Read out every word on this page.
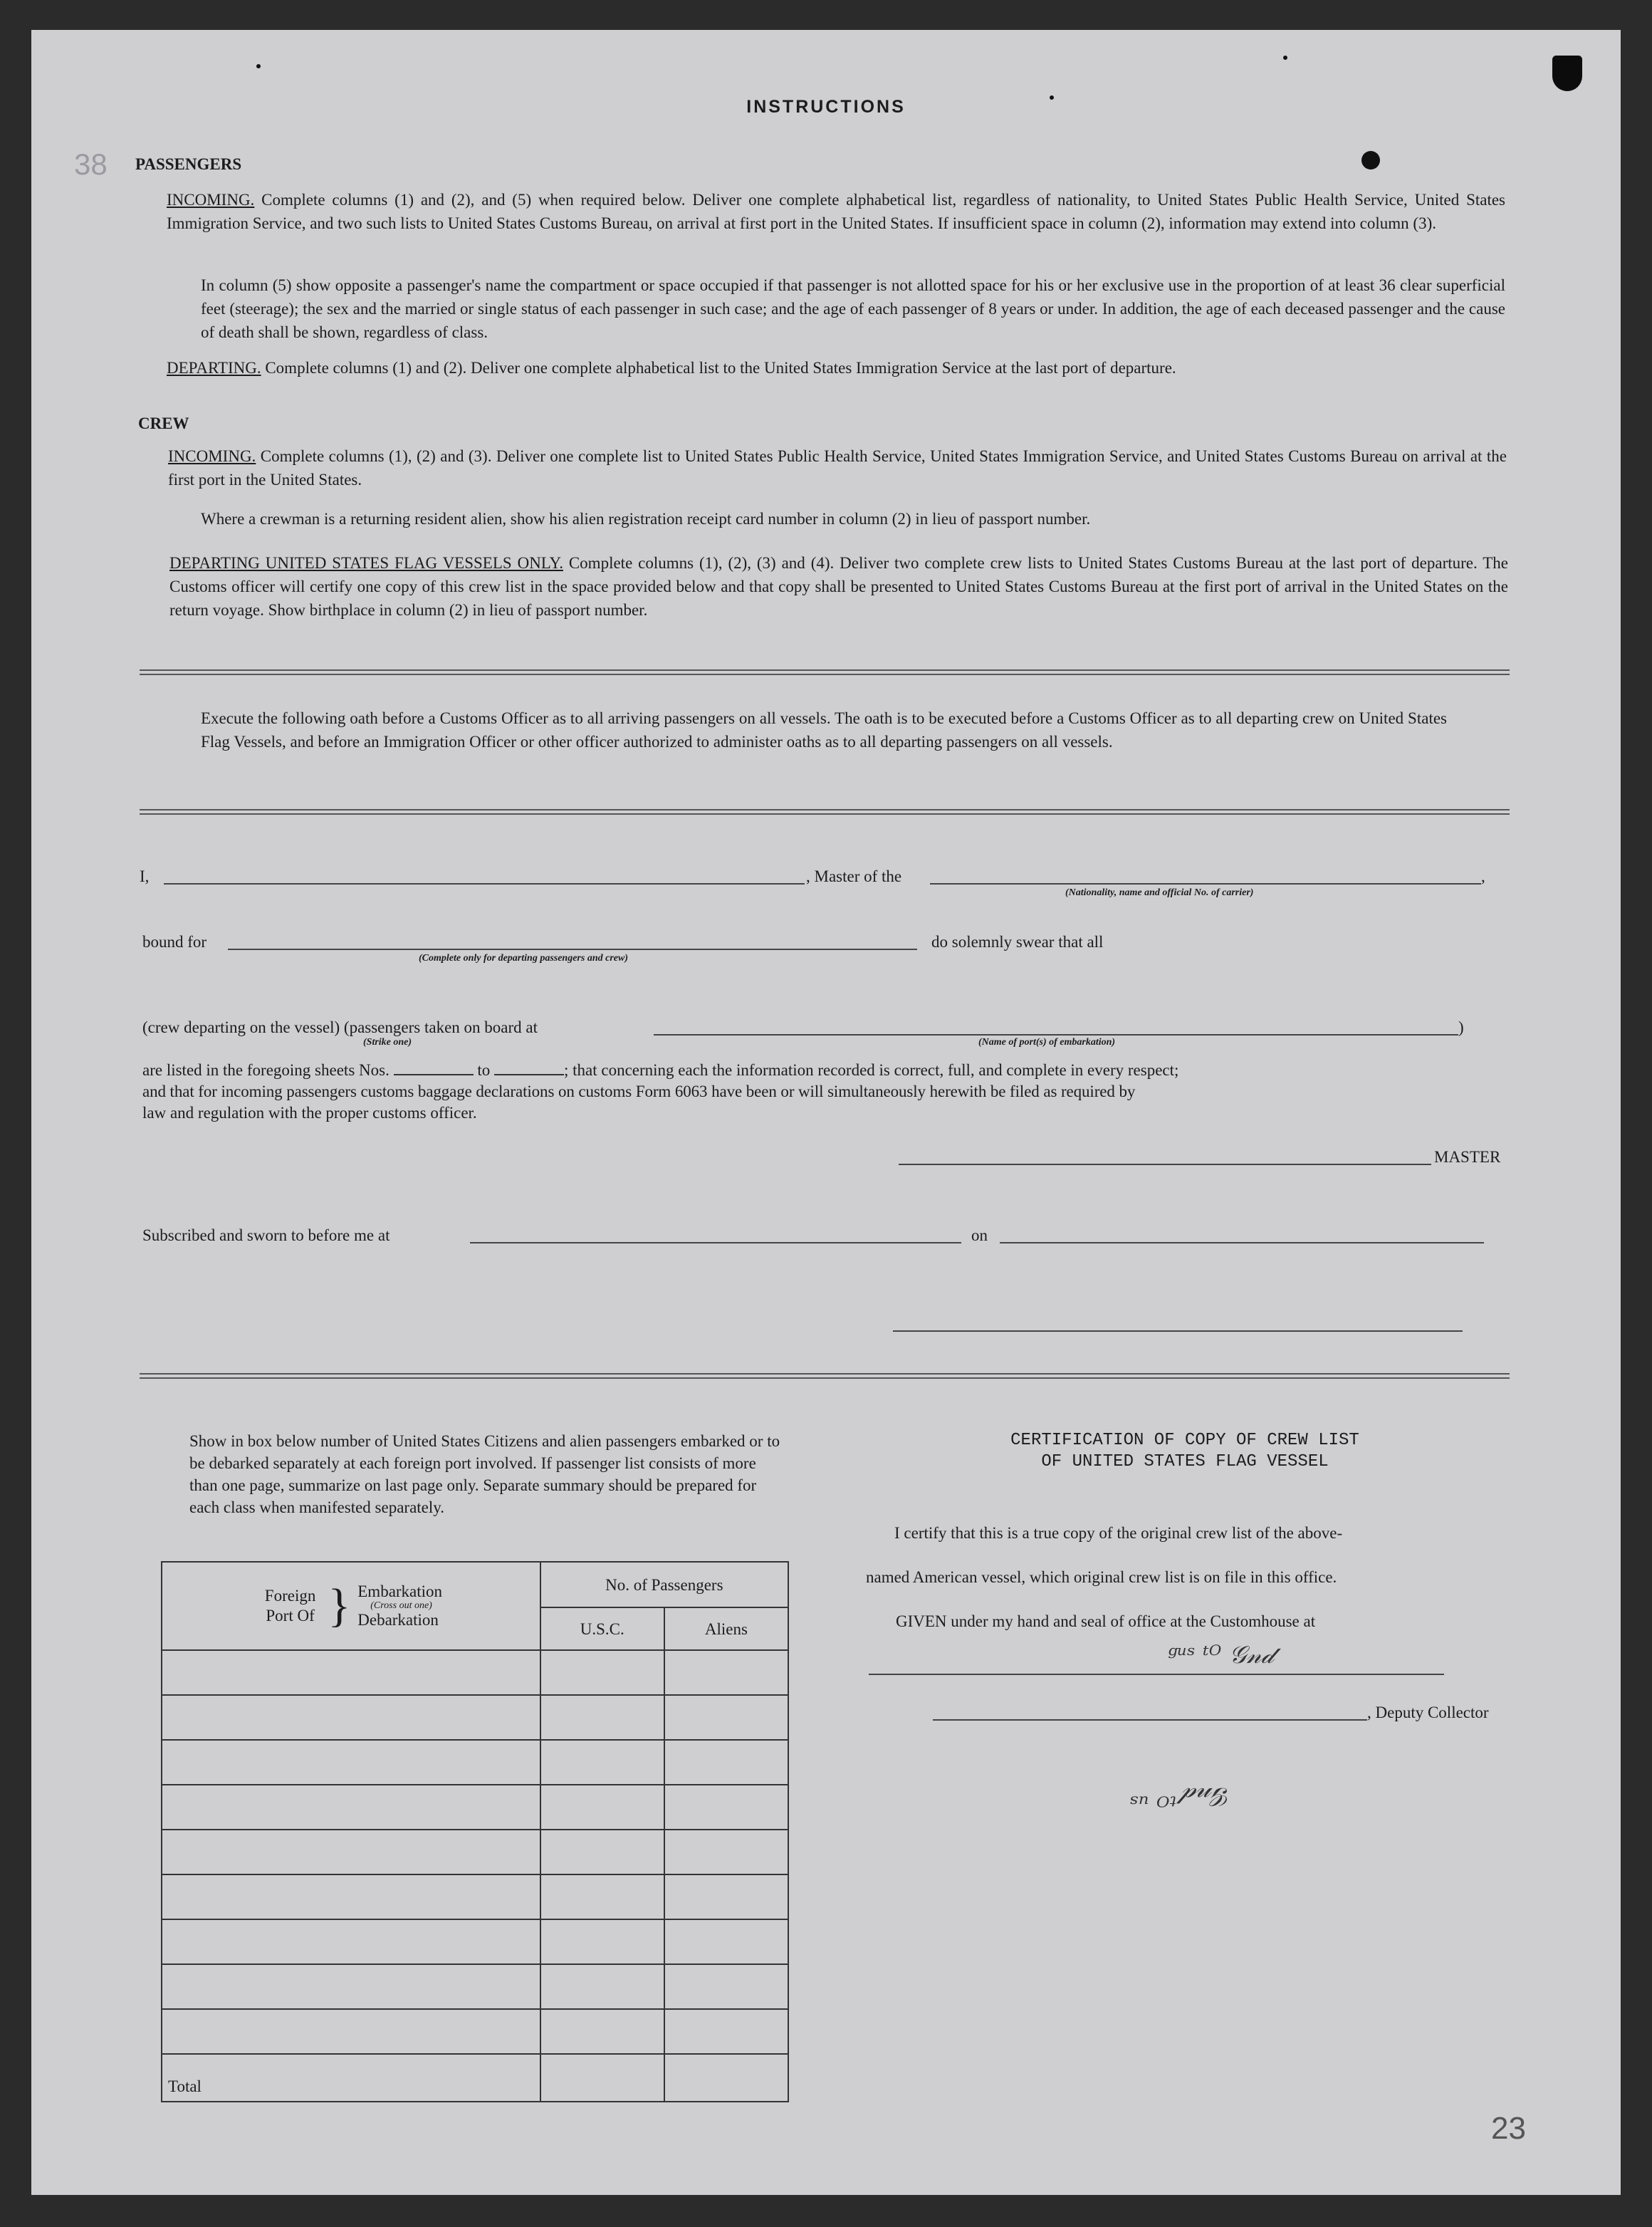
38
23
INSTRUCTIONS
PASSENGERS
INCOMING. Complete columns (1) and (2), and (5) when required below. Deliver one complete alphabetical list, regardless of nationality, to United States Public Health Service, United States Immigration Service, and two such lists to United States Customs Bureau, on arrival at first port in the United States. If insufficient space in column (2), information may extend into column (3).
In column (5) show opposite a passenger's name the compartment or space occupied if that passenger is not allotted space for his or her exclusive use in the proportion of at least 36 clear superficial feet (steerage); the sex and the married or single status of each passenger in such case; and the age of each passenger of 8 years or under. In addition, the age of each deceased passenger and the cause of death shall be shown, regardless of class.
DEPARTING. Complete columns (1) and (2). Deliver one complete alphabetical list to the United States Immigration Service at the last port of departure.
CREW
INCOMING. Complete columns (1), (2) and (3). Deliver one complete list to United States Public Health Service, United States Immigration Service, and United States Customs Bureau on arrival at the first port in the United States.
Where a crewman is a returning resident alien, show his alien registration receipt card number in column (2) in lieu of passport number.
DEPARTING UNITED STATES FLAG VESSELS ONLY. Complete columns (1), (2), (3) and (4). Deliver two complete crew lists to United States Customs Bureau at the last port of departure. The Customs officer will certify one copy of this crew list in the space provided below and that copy shall be presented to United States Customs Bureau at the first port of arrival in the United States on the return voyage. Show birthplace in column (2) in lieu of passport number.
Execute the following oath before a Customs Officer as to all arriving passengers on all vessels. The oath is to be executed before a Customs Officer as to all departing crew on United States Flag Vessels, and before an Immigration Officer or other officer authorized to administer oaths as to all departing passengers on all vessels.
I,	, Master of the	,
(Nationality, name and official No. of carrier)
bound for	do solemnly swear that all
(Complete only for departing passengers and crew)
(crew departing on the vessel) (passengers taken on board at	)
(Strike one)	(Name of port(s) of embarkation)
are listed in the foregoing sheets Nos.	to	; that concerning each the information recorded is correct, full, and complete in every respect;
and that for incoming passengers customs baggage declarations on customs Form 6063 have been or will simultaneously herewith be filed as required by
law and regulation with the proper customs officer.
MASTER
Subscribed and sworn to before me at	on
Show in box below number of United States Citizens and alien passengers embarked or to be debarked separately at each foreign port involved. If passenger list consists of more than one page, summarize on last page only. Separate summary should be prepared for each class when manifested separately.
Foreign Port Of } Embarkation
(Cross out one)
Debarkation	No. of Passengers	
	U.S.C.	Aliens

Total		
CERTIFICATION OF COPY OF CREW LIST
OF UNITED STATES FLAG VESSEL
I certify that this is a true copy of the original crew list of the above-
named American vessel, which original crew list is on file in this office.
GIVEN under my hand and seal of office at the Customhouse at
ᵍᵘˢ ᵗᴼ 𝒢𝓃𝒹
, Deputy Collector
𝒢𝓃𝒹 ᵗᴼ ᵘˢ
